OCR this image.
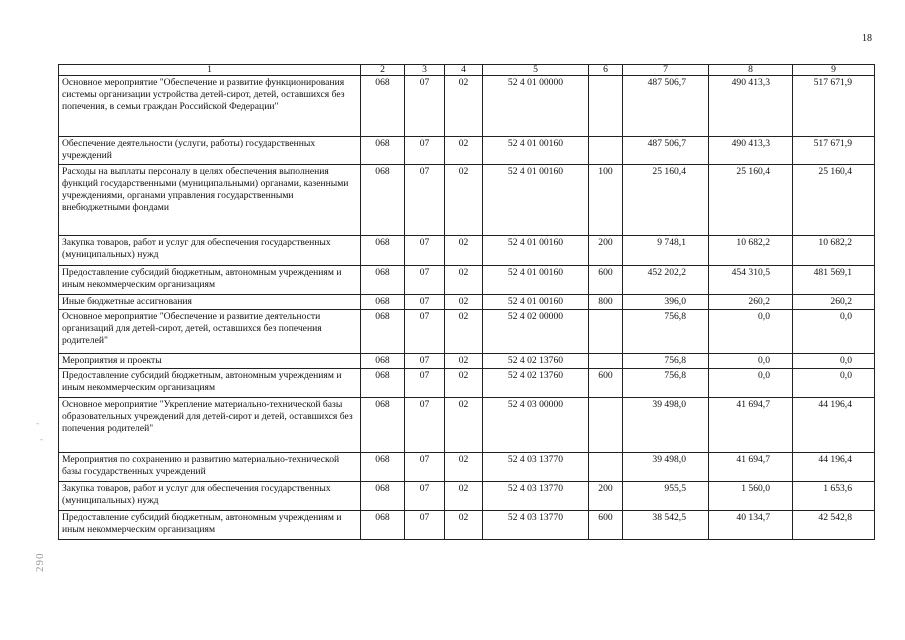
18
1	2	3	4	5	6	7	8	9
Основное мероприятие "Обеспечение и развитие функционирования системы организации устройства детей-сирот, детей, оставшихся без попечения, в семьи граждан Российской Федерации"	068	07	02	52 4 01 00000		487 506,7	490 413,3	517 671,9
Обеспечение деятельности (услуги, работы) государственных учреждений	068	07	02	52 4 01 00160		487 506,7	490 413,3	517 671,9
Расходы на выплаты персоналу в целях обеспечения выполнения функций государственными (муниципальными) органами, казенными учреждениями, органами управления государственными внебюджетными фондами	068	07	02	52 4 01 00160	100	25 160,4	25 160,4	25 160,4
Закупка товаров, работ и услуг для обеспечения государственных (муниципальных) нужд	068	07	02	52 4 01 00160	200	9 748,1	10 682,2	10 682,2
Предоставление субсидий бюджетным, автономным учреждениям и иным некоммерческим организациям	068	07	02	52 4 01 00160	600	452 202,2	454 310,5	481 569,1
Иные бюджетные ассигнования	068	07	02	52 4 01 00160	800	396,0	260,2	260,2
Основное мероприятие "Обеспечение и развитие деятельности организаций для детей-сирот, детей, оставшихся без попечения родителей"	068	07	02	52 4 02 00000		756,8	0,0	0,0
Мероприятия и проекты	068	07	02	52 4 02 13760		756,8	0,0	0,0
Предоставление субсидий бюджетным, автономным учреждениям и иным некоммерческим организациям	068	07	02	52 4 02 13760	600	756,8	0,0	0,0
Основное мероприятие "Укрепление материально-технической базы образовательных учреждений для детей-сирот и детей, оставшихся без попечения родителей"	068	07	02	52 4 03 00000		39 498,0	41 694,7	44 196,4
Мероприятия по сохранению и развитию материально-технической базы государственных учреждений	068	07	02	52 4 03 13770		39 498,0	41 694,7	44 196,4
Закупка товаров, работ и услуг для обеспечения государственных (муниципальных) нужд	068	07	02	52 4 03 13770	200	955,5	1 560,0	1 653,6
Предоставление субсидий бюджетным, автономным учреждениям и иным некоммерческим организациям	068	07	02	52 4 03 13770	600	38 542,5	40 134,7	42 542,8
290
‑
‑
